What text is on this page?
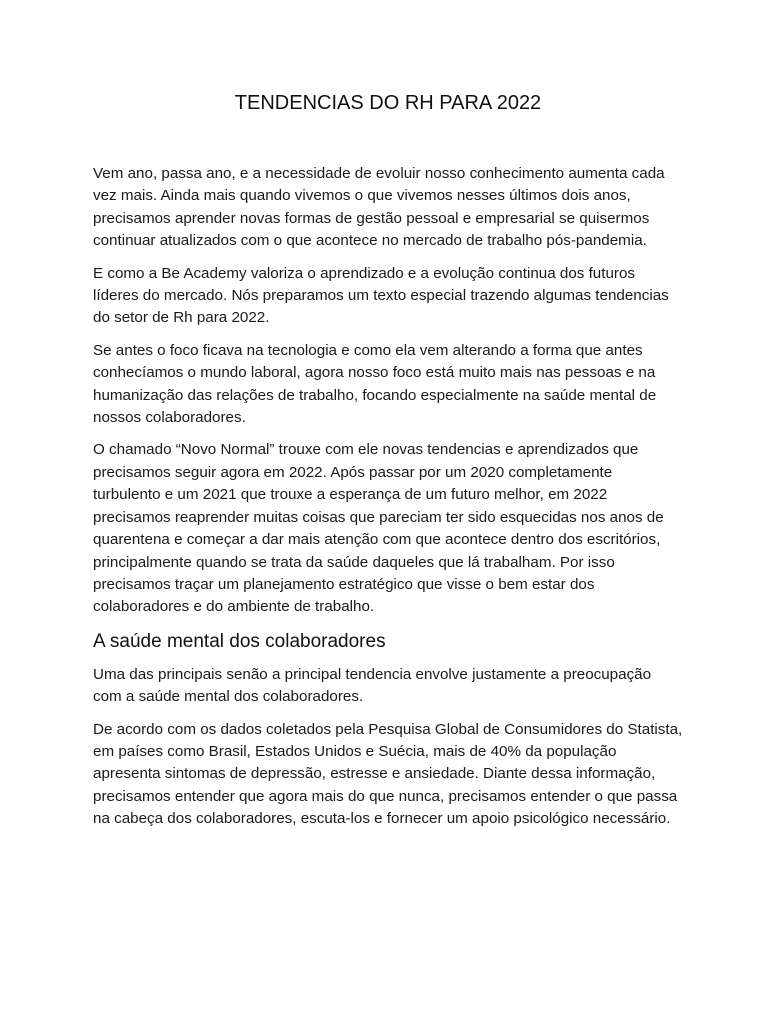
TENDENCIAS DO RH PARA 2022

Vem ano, passa ano, e a necessidade de evoluir nosso conhecimento aumenta cada vez mais. Ainda mais quando vivemos o que vivemos nesses últimos dois anos, precisamos aprender novas formas de gestão pessoal e empresarial se quisermos continuar atualizados com o que acontece no mercado de trabalho pós-pandemia.

E como a Be Academy valoriza o aprendizado e a evolução continua dos futuros líderes do mercado. Nós preparamos um texto especial trazendo algumas tendencias do setor de Rh para 2022.

Se antes o foco ficava na tecnologia e como ela vem alterando a forma que antes conhecíamos o mundo laboral, agora nosso foco está muito mais nas pessoas e na humanização das relações de trabalho, focando especialmente na saúde mental de nossos colaboradores.

O chamado “Novo Normal” trouxe com ele novas tendencias e aprendizados que precisamos seguir agora em 2022. Após passar por um 2020 completamente turbulento e um 2021 que trouxe a esperança de um futuro melhor, em 2022 precisamos reaprender muitas coisas que pareciam ter sido esquecidas nos anos de quarentena e começar a dar mais atenção com que acontece dentro dos escritórios, principalmente quando se trata da saúde daqueles que lá trabalham. Por isso precisamos traçar um planejamento estratégico que visse o bem estar dos colaboradores e do ambiente de trabalho.

A saúde mental dos colaboradores

Uma das principais senão a principal tendencia envolve justamente a preocupação com a saúde mental dos colaboradores.

De acordo com os dados coletados pela Pesquisa Global de Consumidores do Statista, em países como Brasil, Estados Unidos e Suécia, mais de 40% da população apresenta sintomas de depressão, estresse e ansiedade. Diante dessa informação, precisamos entender que agora mais do que nunca, precisamos entender o que passa na cabeça dos colaboradores, escuta-los e fornecer um apoio psicológico necessário.
